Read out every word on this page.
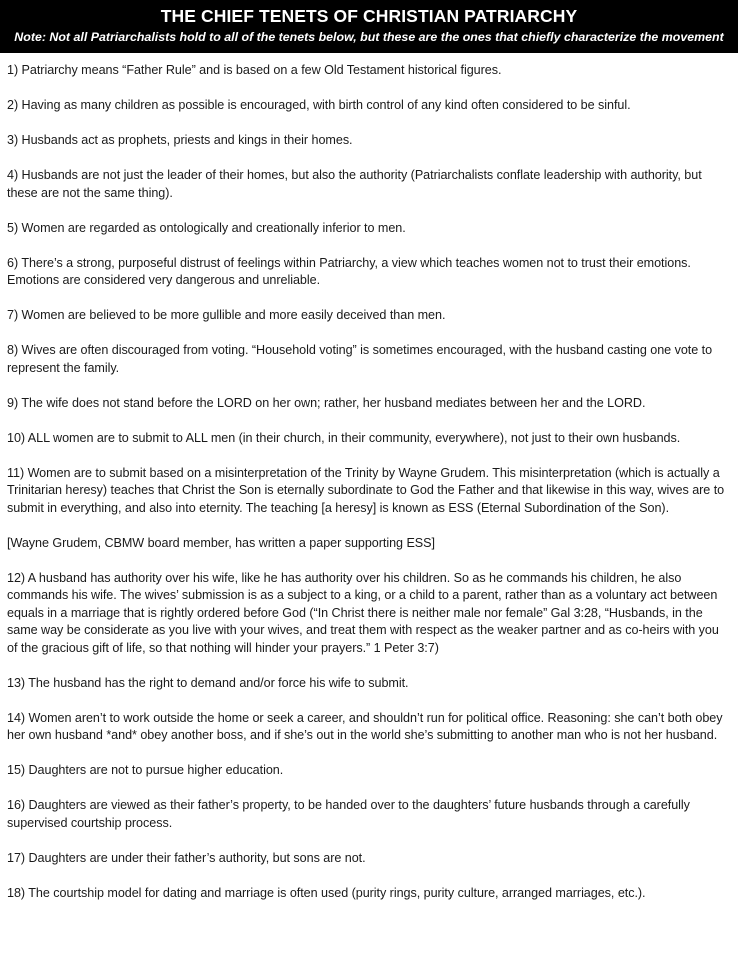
THE CHIEF TENETS OF CHRISTIAN PATRIARCHY
Note: Not all Patriarchalists hold to all of the tenets below, but these are the ones that chiefly characterize the movement

1) Patriarchy means “Father Rule” and is based on a few Old Testament historical figures.

2) Having as many children as possible is encouraged, with birth control of any kind often considered to be sinful.

3) Husbands act as prophets, priests and kings in their homes.

4) Husbands are not just the leader of their homes, but also the authority (Patriarchalists conflate leadership with authority, but these are not the same thing).

5) Women are regarded as ontologically and creationally inferior to men.

6) There’s a strong, purposeful distrust of feelings within Patriarchy, a view which teaches women not to trust their emotions. Emotions are considered very dangerous and unreliable.

7) Women are believed to be more gullible and more easily deceived than men.

8) Wives are often discouraged from voting. “Household voting” is sometimes encouraged, with the husband casting one vote to represent the family.

9) The wife does not stand before the LORD on her own; rather, her husband mediates between her and the LORD.

10) ALL women are to submit to ALL men (in their church, in their community, everywhere), not just to their own husbands.

11) Women are to submit based on a misinterpretation of the Trinity by Wayne Grudem. This misinterpretation (which is actually a Trinitarian heresy) teaches that Christ the Son is eternally subordinate to God the Father and that likewise in this way, wives are to submit in everything, and also into eternity. The teaching [a heresy] is known as ESS (Eternal Subordination of the Son).

[Wayne Grudem, CBMW board member, has written a paper supporting ESS]

12) A husband has authority over his wife, like he has authority over his children. So as he commands his children, he also commands his wife. The wives’ submission is as a subject to a king, or a child to a parent, rather than as a voluntary act between equals in a marriage that is rightly ordered before God (“In Christ there is neither male nor female” Gal 3:28, “Husbands, in the same way be considerate as you live with your wives, and treat them with respect as the weaker partner and as co-heirs with you of the gracious gift of life, so that nothing will hinder your prayers.” 1 Peter 3:7)

13) The husband has the right to demand and/or force his wife to submit.

14) Women aren’t to work outside the home or seek a career, and shouldn’t run for political office. Reasoning: she can’t both obey her own husband *and* obey another boss, and if she’s out in the world she’s submitting to another man who is not her husband.

15) Daughters are not to pursue higher education.

16) Daughters are viewed as their father’s property, to be handed over to the daughters’ future husbands through a carefully supervised courtship process.

17) Daughters are under their father’s authority, but sons are not.

18) The courtship model for dating and marriage is often used (purity rings, purity culture, arranged marriages, etc.).
